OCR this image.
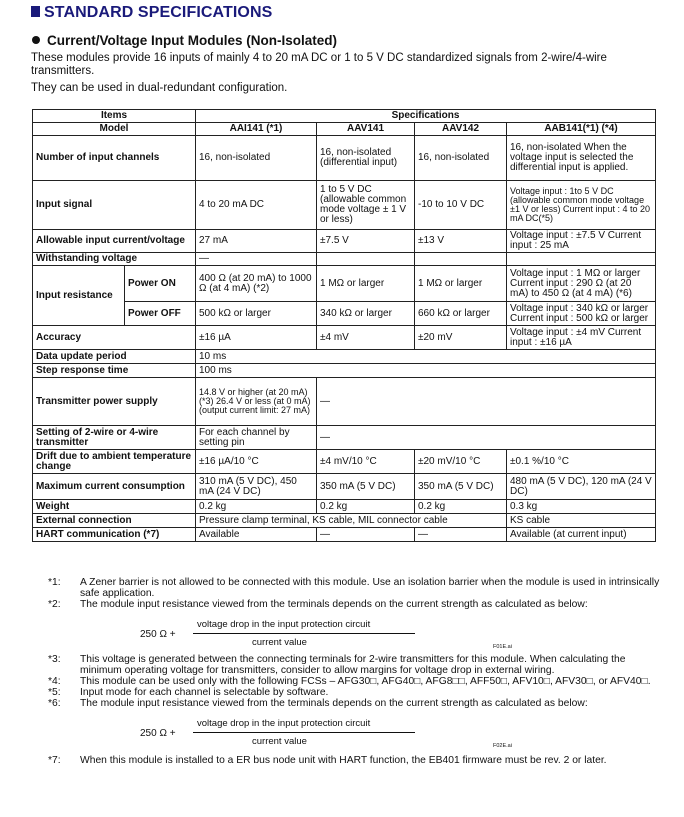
STANDARD SPECIFICATIONS
Current/Voltage Input Modules (Non-Isolated)
These modules provide 16 inputs of mainly 4 to 20 mA DC or 1 to 5 V DC standardized signals from 2-wire/4-wire transmitters.
They can be used in dual-redundant configuration.
Items		Specifications			
Model		AAI141 (*1)	AAV141	AAV142	AAB141(*1) (*4)
Number of input channels		16, non-isolated	16, non-isolated (differential input)	16, non-isolated	16, non-isolated When the voltage input is selected the differential input is applied.
Input signal		4 to 20 mA DC	1 to 5 V DC (allowable common mode voltage ± 1 V or less)	-10 to 10 V DC	Voltage input : 1to 5 V DC (allowable common mode voltage ±1 V or less) Current input : 4 to 20 mA DC(*5)
Allowable input current/voltage		27 mA	±7.5 V	±13 V	Voltage input : ±7.5 V Current input : 25 mA
Withstanding voltage		—			
Input resistance	Power ON	400 Ω (at 20 mA) to 1000 Ω (at 4 mA) (*2)	1 MΩ or larger	1 MΩ or larger	Voltage input : 1 MΩ or larger Current input : 290 Ω (at 20 mA) to 450 Ω (at 4 mA) (*6)
	Power OFF	500 kΩ or larger	340 kΩ or larger	660 kΩ or larger	Voltage input : 340 kΩ or larger Current input : 500 kΩ or larger
Accuracy		±16 µA	±4 mV	±20 mV	Voltage input : ±4 mV Current input : ±16 µA
Data update period		10 ms			
Step response time		100 ms			
Transmitter power supply		14.8 V or higher (at 20 mA) (*3) 26.4 V or less (at 0 mA) (output current limit: 27 mA)	—		
Setting of 2-wire or 4-wire transmitter		For each channel by setting pin	—		
Drift due to ambient temperature change		±16 µA/10 °C	±4 mV/10 °C	±20 mV/10 °C	±0.1 %/10 °C
Maximum current consumption		310 mA (5 V DC), 450 mA (24 V DC)	350 mA (5 V DC)	350 mA (5 V DC)	480 mA (5 V DC), 120 mA (24 V DC)
Weight		0.2 kg	0.2 kg	0.2 kg	0.3 kg
External connection		Pressure clamp terminal, KS cable, MIL connector cable			KS cable
HART communication (*7)		Available	—	—	Available (at current input)

*1: A Zener barrier is not allowed to be connected with this module. Use an isolation barrier when the module is used in intrinsically safe application.

*2: The module input resistance viewed from the terminals depends on the current strength as calculated as below:

250 Ω +
voltage drop in the input protection circuit
current value	F01E.ai

*3: This voltage is generated between the connecting terminals for 2-wire transmitters for this module. When calculating the minimum operating voltage for transmitters, consider to allow margins for voltage drop in external wiring.

*4: This module can be used only with the following FCSs – AFG30□, AFG40□, AFG8□□, AFF50□, AFV10□, AFV30□, or AFV40□.

*5: Input mode for each channel is selectable by software.

*6: The module input resistance viewed from the terminals depends on the current strength as calculated as below:

250 Ω +
voltage drop in the input protection circuit
current value	F02E.ai

*7: When this module is installed to a ER bus node unit with HART function, the EB401 firmware must be rev. 2 or later.
